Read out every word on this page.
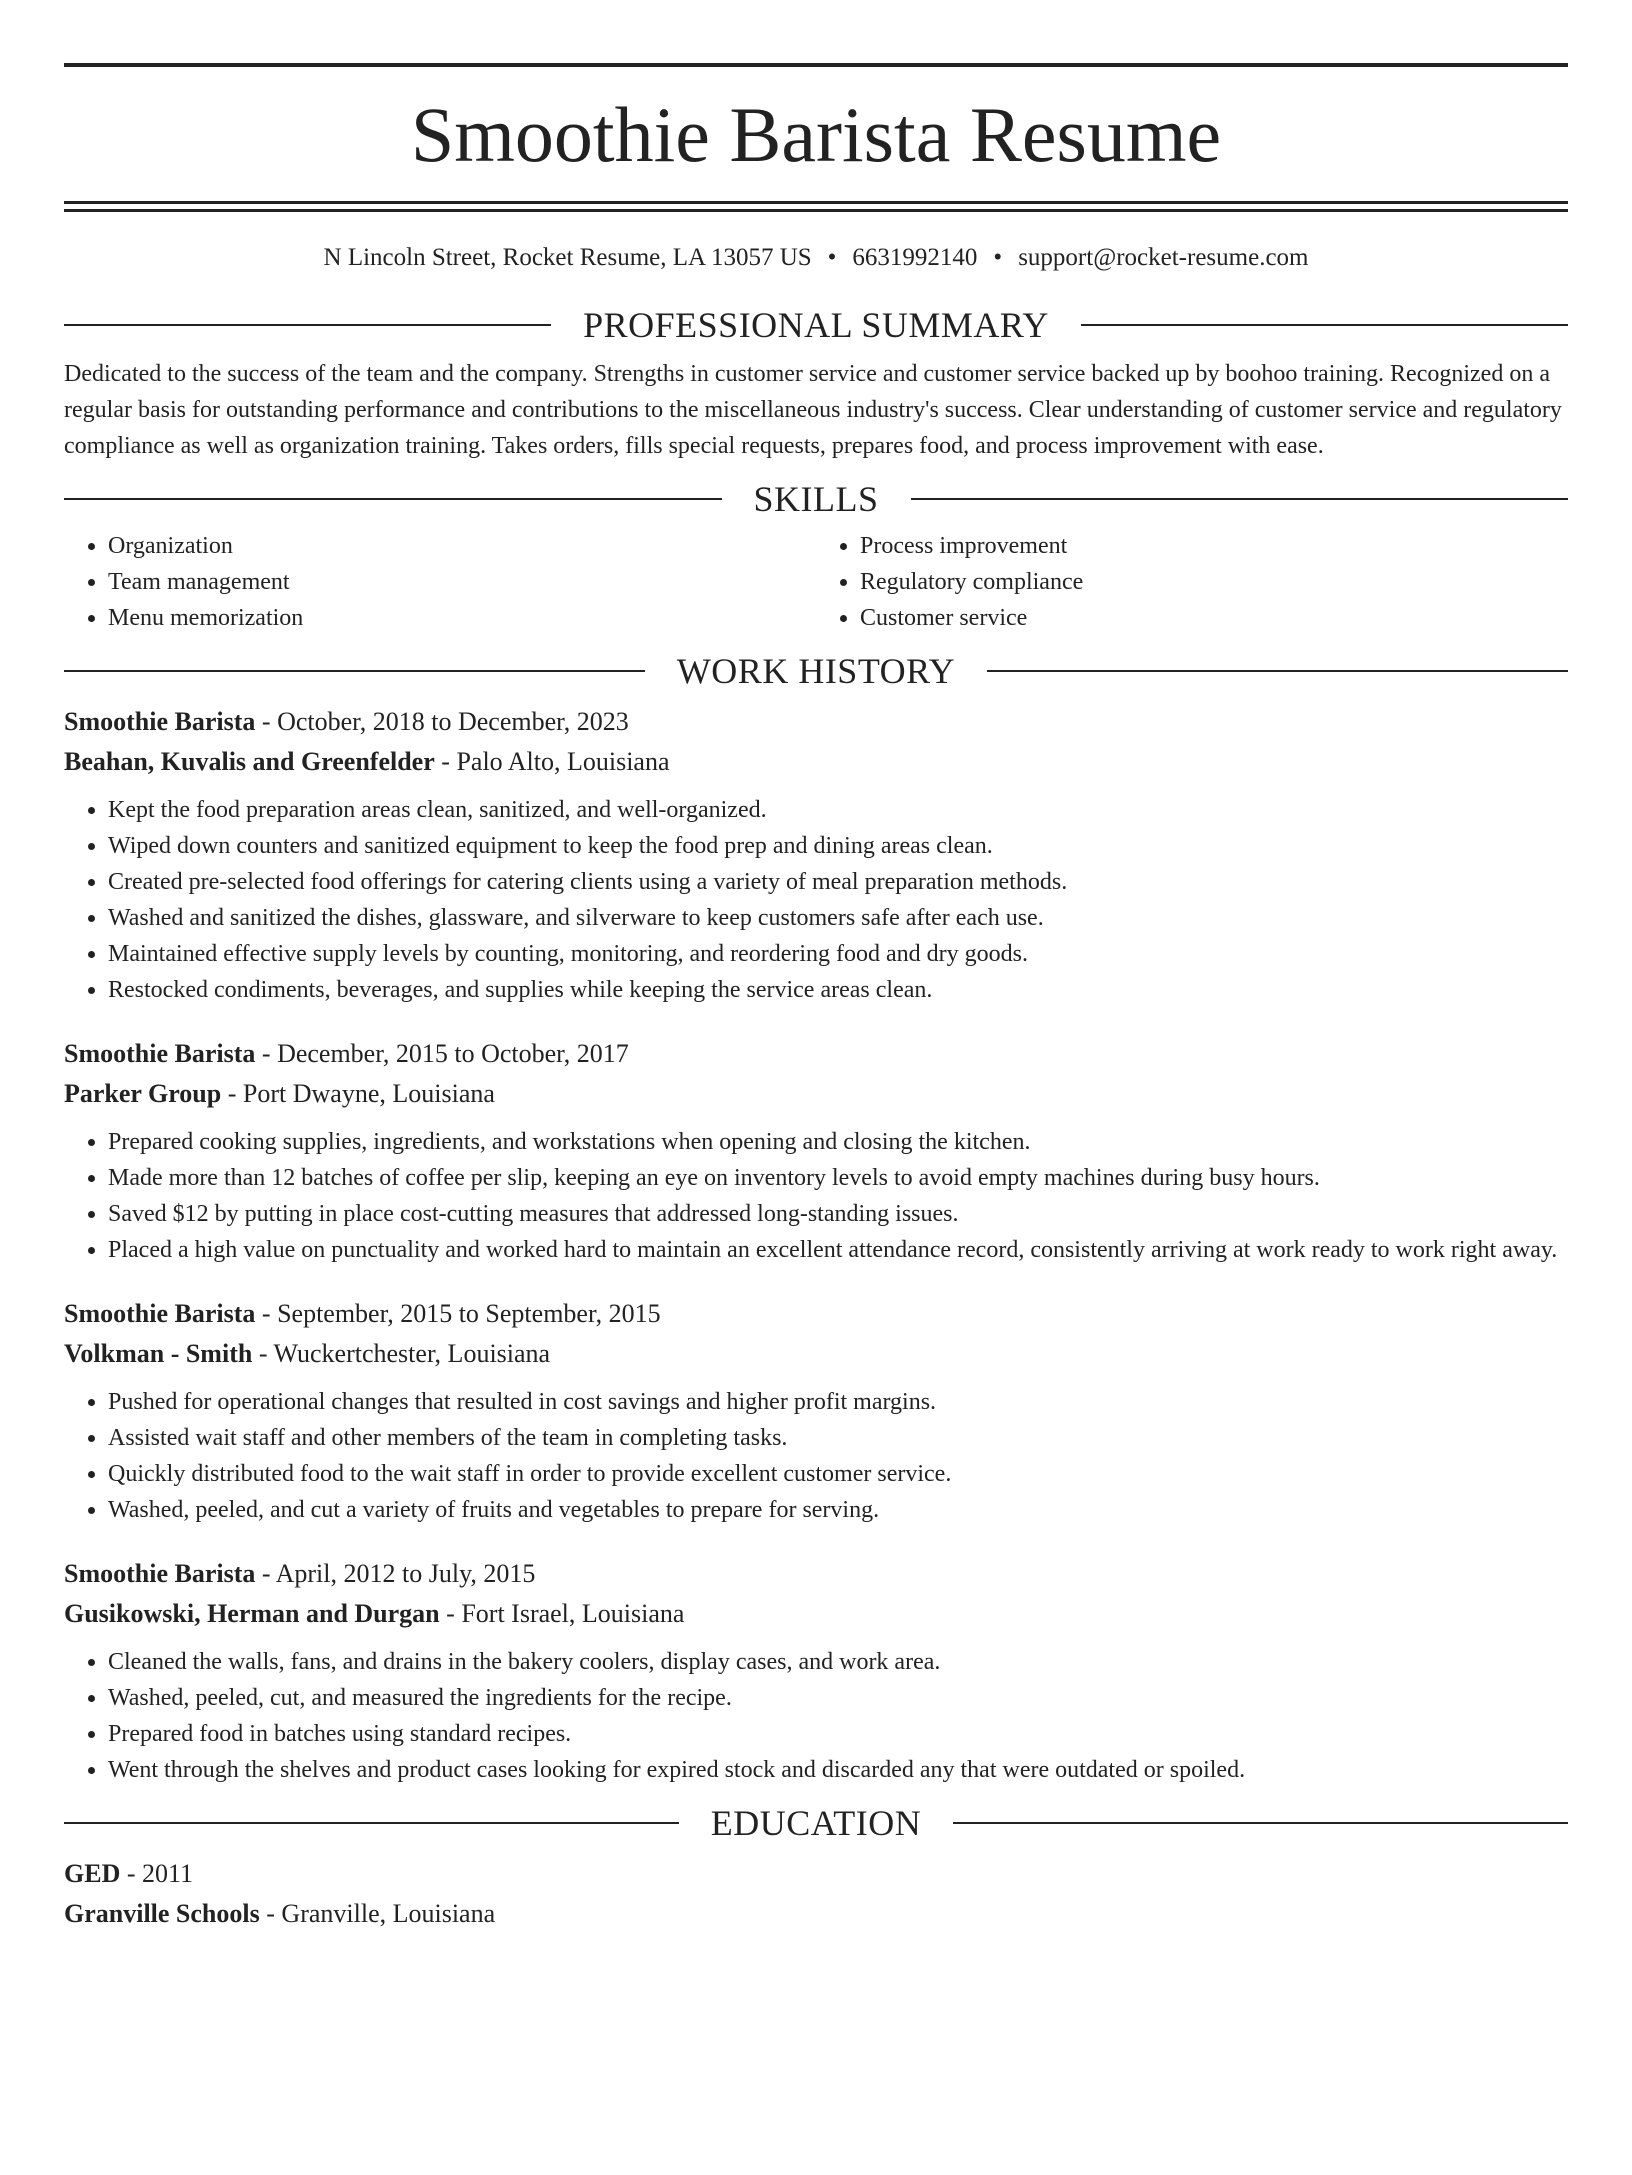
Smoothie Barista Resume
N Lincoln Street, Rocket Resume, LA 13057 US • 6631992140 • support@rocket-resume.com
PROFESSIONAL SUMMARY
Dedicated to the success of the team and the company. Strengths in customer service and customer service backed up by boohoo training. Recognized on a regular basis for outstanding performance and contributions to the miscellaneous industry's success. Clear understanding of customer service and regulatory compliance as well as organization training. Takes orders, fills special requests, prepares food, and process improvement with ease.
SKILLS
• Organization
• Team management
• Menu memorization
• Process improvement
• Regulatory compliance
• Customer service
WORK HISTORY
Smoothie Barista - October, 2018 to December, 2023
Beahan, Kuvalis and Greenfelder - Palo Alto, Louisiana
• Kept the food preparation areas clean, sanitized, and well-organized.
• Wiped down counters and sanitized equipment to keep the food prep and dining areas clean.
• Created pre-selected food offerings for catering clients using a variety of meal preparation methods.
• Washed and sanitized the dishes, glassware, and silverware to keep customers safe after each use.
• Maintained effective supply levels by counting, monitoring, and reordering food and dry goods.
• Restocked condiments, beverages, and supplies while keeping the service areas clean.
Smoothie Barista - December, 2015 to October, 2017
Parker Group - Port Dwayne, Louisiana
• Prepared cooking supplies, ingredients, and workstations when opening and closing the kitchen.
• Made more than 12 batches of coffee per slip, keeping an eye on inventory levels to avoid empty machines during busy hours.
• Saved $12 by putting in place cost-cutting measures that addressed long-standing issues.
• Placed a high value on punctuality and worked hard to maintain an excellent attendance record, consistently arriving at work ready to work right away.
Smoothie Barista - September, 2015 to September, 2015
Volkman - Smith - Wuckertchester, Louisiana
• Pushed for operational changes that resulted in cost savings and higher profit margins.
• Assisted wait staff and other members of the team in completing tasks.
• Quickly distributed food to the wait staff in order to provide excellent customer service.
• Washed, peeled, and cut a variety of fruits and vegetables to prepare for serving.
Smoothie Barista - April, 2012 to July, 2015
Gusikowski, Herman and Durgan - Fort Israel, Louisiana
• Cleaned the walls, fans, and drains in the bakery coolers, display cases, and work area.
• Washed, peeled, cut, and measured the ingredients for the recipe.
• Prepared food in batches using standard recipes.
• Went through the shelves and product cases looking for expired stock and discarded any that were outdated or spoiled.
EDUCATION
GED - 2011
Granville Schools - Granville, Louisiana
